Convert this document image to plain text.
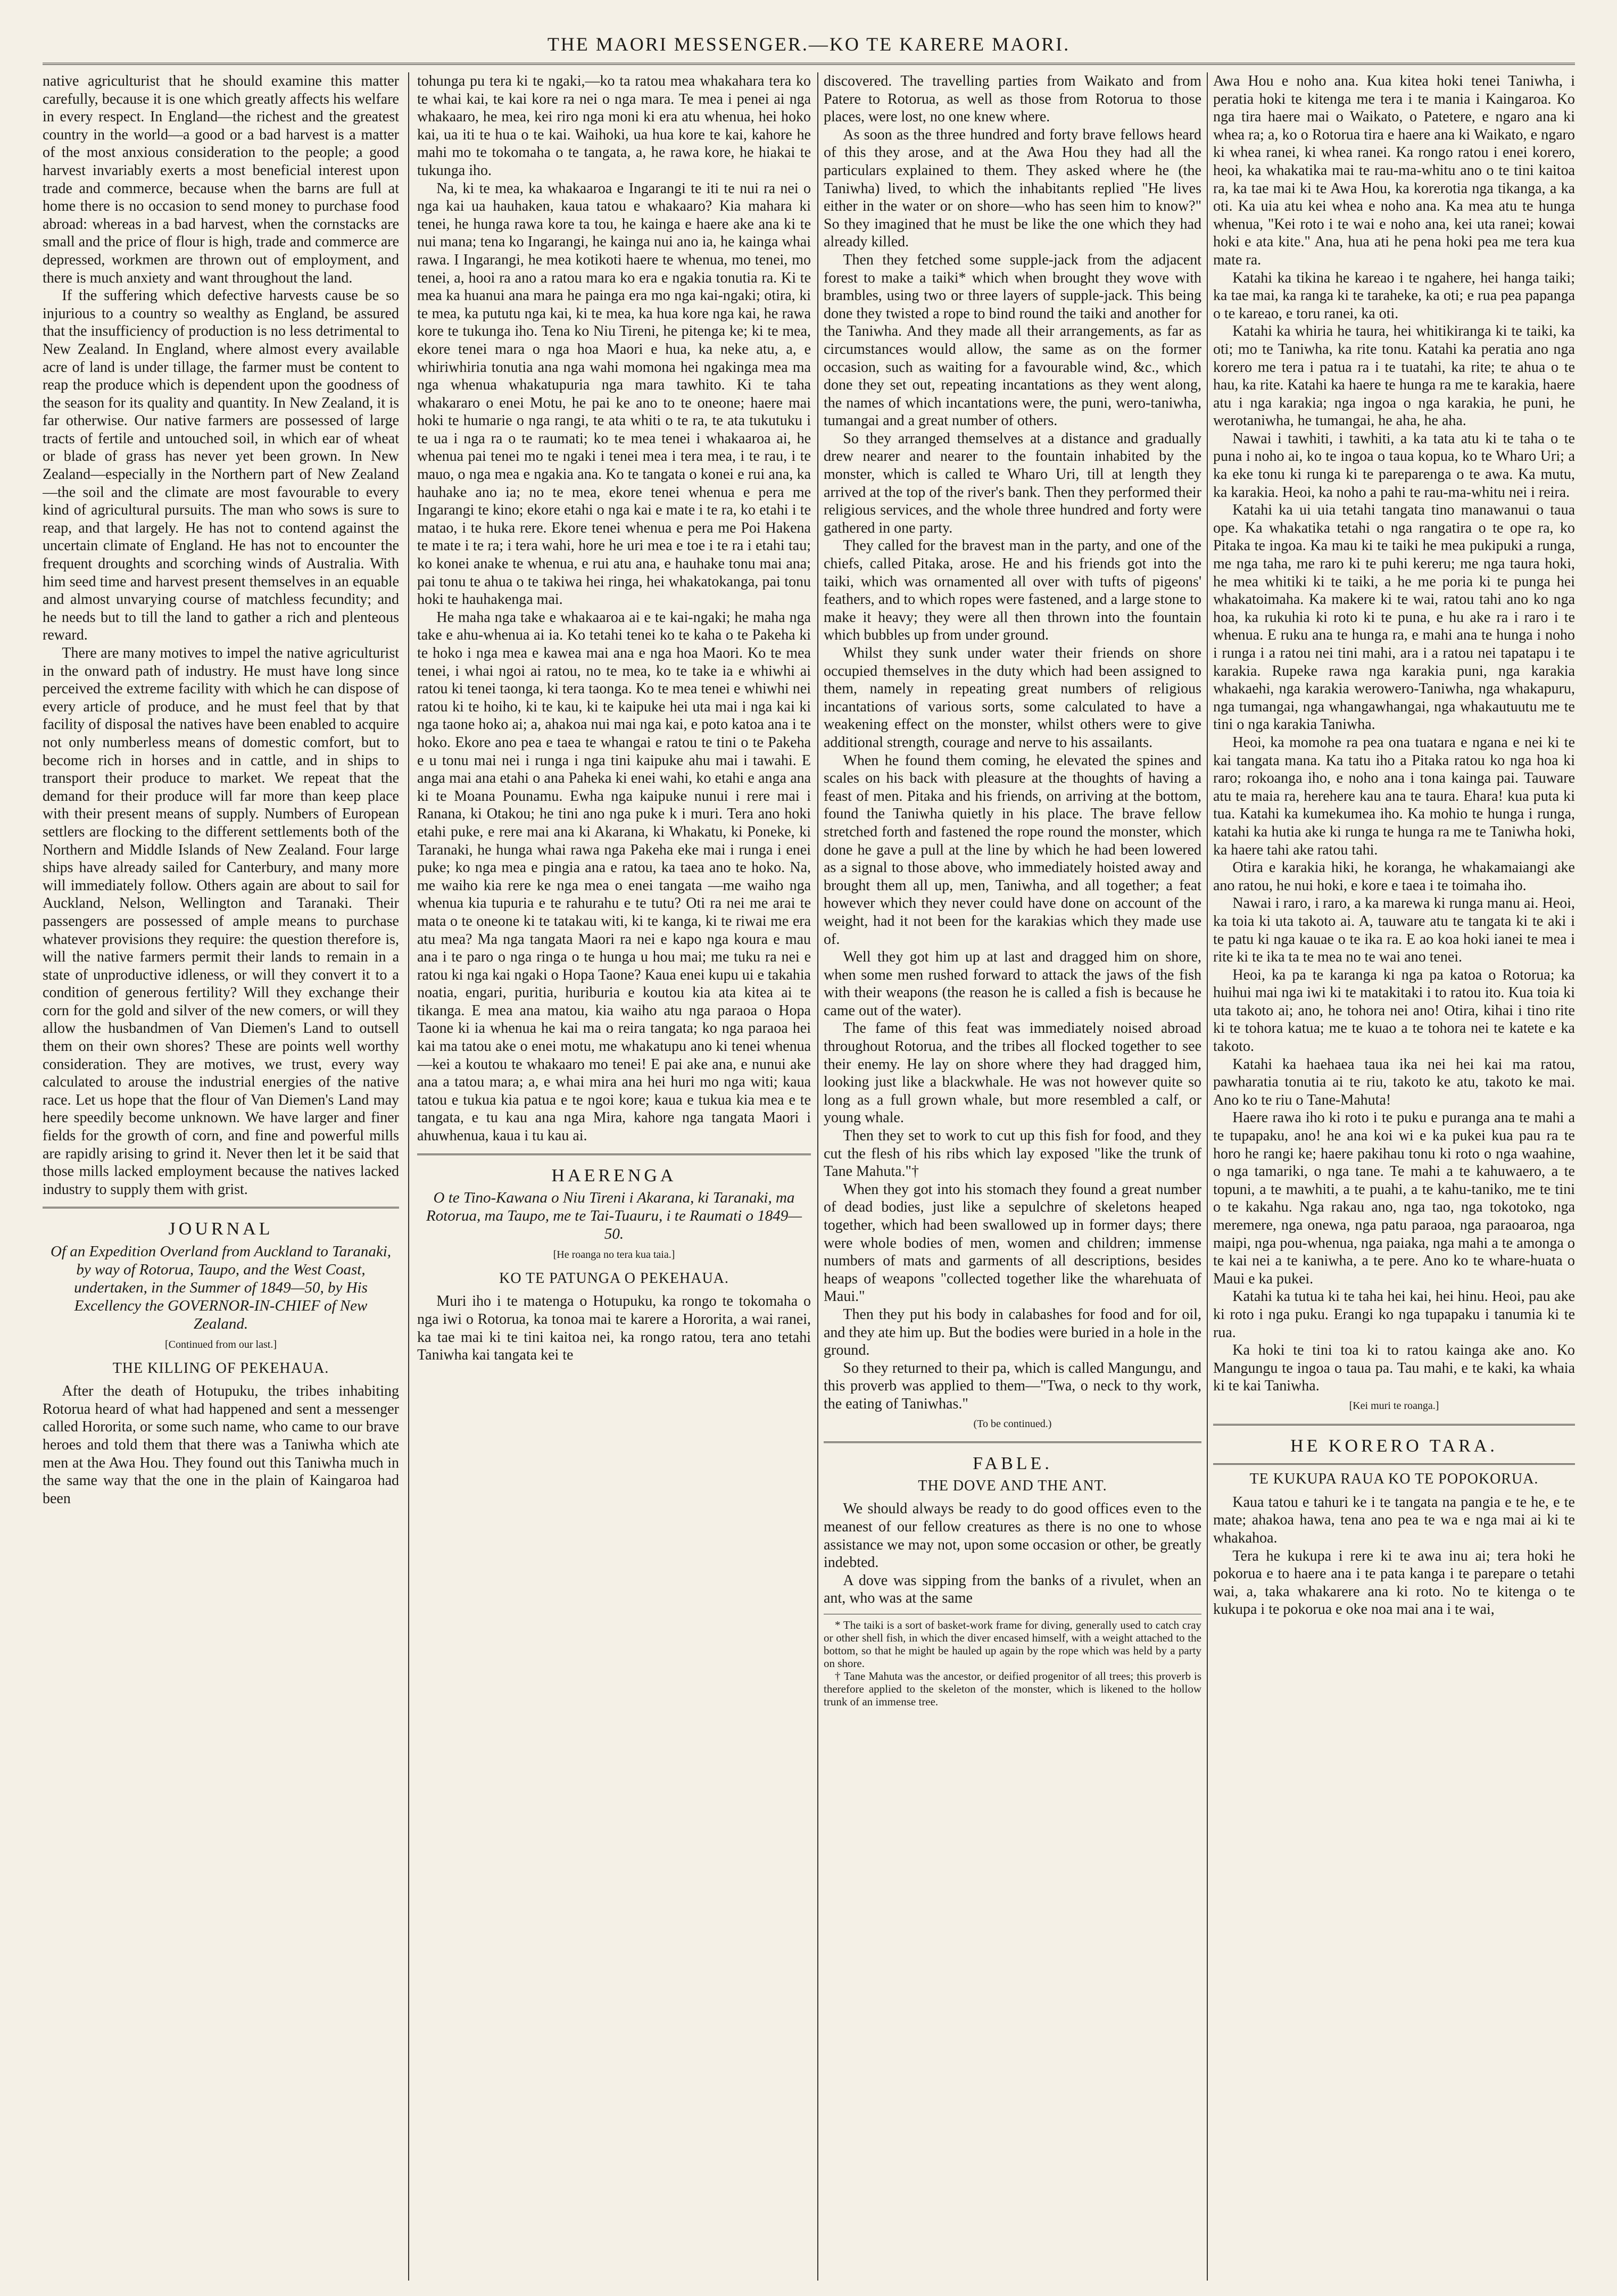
THE MAORI MESSENGER.—KO TE KARERE MAORI.

native agriculturist that he should examine this matter carefully, because it is one which greatly affects his welfare in every respect. In England—the richest and the greatest country in the world—a good or a bad harvest is a matter of the most anxious consideration to the people; a good harvest invariably exerts a most beneficial interest upon trade and commerce, because when the barns are full at home there is no occasion to send money to purchase food abroad: whereas in a bad harvest, when the cornstacks are small and the price of flour is high, trade and commerce are depressed, workmen are thrown out of employment, and there is much anxiety and want throughout the land.

If the suffering which defective harvests cause be so injurious to a country so wealthy as England, be assured that the insufficiency of production is no less detrimental to New Zealand. In England, where almost every available acre of land is under tillage, the farmer must be content to reap the produce which is dependent upon the goodness of the season for its quality and quantity. In New Zealand, it is far otherwise. Our native farmers are possessed of large tracts of fertile and untouched soil, in which ear of wheat or blade of grass has never yet been grown. In New Zealand—especially in the Northern part of New Zealand—the soil and the climate are most favourable to every kind of agricultural pursuits. The man who sows is sure to reap, and that largely. He has not to contend against the uncertain climate of England. He has not to encounter the frequent droughts and scorching winds of Australia. With him seed time and harvest present themselves in an equable and almost unvarying course of matchless fecundity; and he needs but to till the land to gather a rich and plenteous reward.

There are many motives to impel the native agriculturist in the onward path of industry. He must have long since perceived the extreme facility with which he can dispose of every article of produce, and he must feel that by that facility of disposal the natives have been enabled to acquire not only numberless means of domestic comfort, but to become rich in horses and in cattle, and in ships to transport their produce to market. We repeat that the demand for their produce will far more than keep place with their present means of supply. Numbers of European settlers are flocking to the different settlements both of the Northern and Middle Islands of New Zealand. Four large ships have already sailed for Canterbury, and many more will immediately follow. Others again are about to sail for Auckland, Nelson, Wellington and Taranaki. Their passengers are possessed of ample means to purchase whatever provisions they require: the question therefore is, will the native farmers permit their lands to remain in a state of unproductive idleness, or will they convert it to a condition of generous fertility? Will they exchange their corn for the gold and silver of the new comers, or will they allow the husbandmen of Van Diemen's Land to outsell them on their own shores? These are points well worthy consideration. They are motives, we trust, every way calculated to arouse the industrial energies of the native race. Let us hope that the flour of Van Diemen's Land may here speedily become unknown. We have larger and finer fields for the growth of corn, and fine and powerful mills are rapidly arising to grind it. Never then let it be said that those mills lacked employment because the natives lacked industry to supply them with grist.

JOURNAL
Of an Expedition Overland from Auckland to Taranaki, by way of Rotorua, Taupo, and the West Coast, undertaken, in the Summer of 1849—50, by His Excellency the GOVERNOR-IN-CHIEF of New Zealand.
[Continued from our last.]
THE KILLING OF PEKEHAUA.

After the death of Hotupuku, the tribes inhabiting Rotorua heard of what had happened and sent a messenger called Hororita, or some such name, who came to our brave heroes and told them that there was a Taniwha which ate men at the Awa Hou. They found out this Taniwha much in the same way that the one in the plain of Kaingaroa had been

tohunga pu tera ki te ngaki,—ko ta ratou mea whakahara tera ko te whai kai, te kai kore ra nei o nga mara. Te mea i penei ai nga whakaaro, he mea, kei riro nga moni ki era atu whenua, hei hoko kai, ua iti te hua o te kai. Waihoki, ua hua kore te kai, kahore he mahi mo te tokomaha o te tangata, a, he rawa kore, he hiakai te tukunga iho.

Na, ki te mea, ka whakaaroa e Ingarangi te iti te nui ra nei o nga kai ua hauhaken, kaua tatou e whakaaro? Kia mahara ki tenei, he hunga rawa kore ta tou, he kainga e haere ake ana ki te nui mana; tena ko Ingarangi, he kainga nui ano ia, he kainga whai rawa. I Ingarangi, he mea kotikoti haere te whenua, mo tenei, mo tenei, a, hooi ra ano a ratou mara ko era e ngakia tonutia ra. Ki te mea ka huanui ana mara he painga era mo nga kai-ngaki; otira, ki te mea, ka pututu nga kai, ki te mea, ka hua kore nga kai, he rawa kore te tukunga iho. Tena ko Niu Tireni, he pitenga ke; ki te mea, ekore tenei mara o nga hoa Maori e hua, ka neke atu, a, e whiriwhiria tonutia ana nga wahi momona hei ngakinga mea ma nga whenua whakatupuria nga mara tawhito. Ki te taha whakararo o enei Motu, he pai ke ano to te oneone; haere mai hoki te humarie o nga rangi, te ata whiti o te ra, te ata tukutuku i te ua i nga ra o te raumati; ko te mea tenei i whakaaroa ai, he whenua pai tenei mo te ngaki i tenei mea i tera mea, i te rau, i te mauo, o nga mea e ngakia ana. Ko te tangata o konei e rui ana, ka hauhake ano ia; no te mea, ekore tenei whenua e pera me Ingarangi te kino; ekore etahi o nga kai e mate i te ra, ko etahi i te matao, i te huka rere. Ekore tenei whenua e pera me Poi Hakena te mate i te ra; i tera wahi, hore he uri mea e toe i te ra i etahi tau; ko konei anake te whenua, e rui atu ana, e hauhake tonu mai ana; pai tonu te ahua o te takiwa hei ringa, hei whakatokanga, pai tonu hoki te hauhakenga mai.

He maha nga take e whakaaroa ai e te kai-ngaki; he maha nga take e ahu-whenua ai ia. Ko tetahi tenei ko te kaha o te Pakeha ki te hoko i nga mea e kawea mai ana e nga hoa Maori. Ko te mea tenei, i whai ngoi ai ratou, no te mea, ko te take ia e whiwhi ai ratou ki tenei taonga, ki tera taonga. Ko te mea tenei e whiwhi nei ratou ki te hoiho, ki te kau, ki te kaipuke hei uta mai i nga kai ki nga taone hoko ai; a, ahakoa nui mai nga kai, e poto katoa ana i te hoko. Ekore ano pea e taea te whangai e ratou te tini o te Pakeha e u tonu mai nei i runga i nga tini kaipuke ahu mai i tawahi. E anga mai ana etahi o ana Paheka ki enei wahi, ko etahi e anga ana ki te Moana Pounamu. Ewha nga kaipuke nunui i rere mai i Ranana, ki Otakou; he tini ano nga puke k i muri. Tera ano hoki etahi puke, e rere mai ana ki Akarana, ki Whakatu, ki Poneke, ki Taranaki, he hunga whai rawa nga Pakeha eke mai i runga i enei puke; ko nga mea e pingia ana e ratou, ka taea ano te hoko. Na, me waiho kia rere ke nga mea o enei tangata —me waiho nga whenua kia tupuria e te rahurahu e te tutu? Oti ra nei me arai te mata o te oneone ki te tatakau witi, ki te kanga, ki te riwai me era atu mea? Ma nga tangata Maori ra nei e kapo nga koura e mau ana i te paro o nga ringa o te hunga u hou mai; me tuku ra nei e ratou ki nga kai ngaki o Hopa Taone? Kaua enei kupu ui e takahia noatia, engari, puritia, huriburia e koutou kia ata kitea ai te tikanga. E mea ana matou, kia waiho atu nga paraoa o Hopa Taone ki ia whenua he kai ma o reira tangata; ko nga paraoa hei kai ma tatou ake o enei motu, me whakatupu ano ki tenei whenua—kei a koutou te whakaaro mo tenei! E pai ake ana, e nunui ake ana a tatou mara; a, e whai mira ana hei huri mo nga witi; kaua tatou e tukua kia patua e te ngoi kore; kaua e tukua kia mea e te tangata, e tu kau ana nga Mira, kahore nga tangata Maori i ahuwhenua, kaua i tu kau ai.

HAERENGA
O te Tino-Kawana o Niu Tireni i Akarana, ki Taranaki, ma Rotorua, ma Taupo, me te Tai-Tuauru, i te Raumati o 1849—50.
[He roanga no tera kua taia.]
KO TE PATUNGA O PEKEHAUA.

Muri iho i te matenga o Hotupuku, ka rongo te tokomaha o nga iwi o Rotorua, ka tonoa mai te karere a Hororita, a wai ranei, ka tae mai ki te tini kaitoa nei, ka rongo ratou, tera ano tetahi Taniwha kai tangata kei te

discovered. The travelling parties from Waikato and from Patere to Rotorua, as well as those from Rotorua to those places, were lost, no one knew where.

As soon as the three hundred and forty brave fellows heard of this they arose, and at the Awa Hou they had all the particulars explained to them. They asked where he (the Taniwha) lived, to which the inhabitants replied "He lives either in the water or on shore—who has seen him to know?" So they imagined that he must be like the one which they had already killed.

Then they fetched some supple-jack from the adjacent forest to make a taiki* which when brought they wove with brambles, using two or three layers of supple-jack. This being done they twisted a rope to bind round the taiki and another for the Taniwha. And they made all their arrangements, as far as circumstances would allow, the same as on the former occasion, such as waiting for a favourable wind, &c., which done they set out, repeating incantations as they went along, the names of which incantations were, the puni, wero-taniwha, tumangai and a great number of others.

So they arranged themselves at a distance and gradually drew nearer and nearer to the fountain inhabited by the monster, which is called te Wharo Uri, till at length they arrived at the top of the river's bank. Then they performed their religious services, and the whole three hundred and forty were gathered in one party.

They called for the bravest man in the party, and one of the chiefs, called Pitaka, arose. He and his friends got into the taiki, which was ornamented all over with tufts of pigeons' feathers, and to which ropes were fastened, and a large stone to make it heavy; they were all then thrown into the fountain which bubbles up from under ground.

Whilst they sunk under water their friends on shore occupied themselves in the duty which had been assigned to them, namely in repeating great numbers of religious incantations of various sorts, some calculated to have a weakening effect on the monster, whilst others were to give additional strength, courage and nerve to his assailants.

When he found them coming, he elevated the spines and scales on his back with pleasure at the thoughts of having a feast of men. Pitaka and his friends, on arriving at the bottom, found the Taniwha quietly in his place. The brave fellow stretched forth and fastened the rope round the monster, which done he gave a pull at the line by which he had been lowered as a signal to those above, who immediately hoisted away and brought them all up, men, Taniwha, and all together; a feat however which they never could have done on account of the weight, had it not been for the karakias which they made use of.

Well they got him up at last and dragged him on shore, when some men rushed forward to attack the jaws of the fish with their weapons (the reason he is called a fish is because he came out of the water).

The fame of this feat was immediately noised abroad throughout Rotorua, and the tribes all flocked together to see their enemy. He lay on shore where they had dragged him, looking just like a blackwhale. He was not however quite so long as a full grown whale, but more resembled a calf, or young whale.

Then they set to work to cut up this fish for food, and they cut the flesh of his ribs which lay exposed "like the trunk of Tane Mahuta."†

When they got into his stomach they found a great number of dead bodies, just like a sepulchre of skeletons heaped together, which had been swallowed up in former days; there were whole bodies of men, women and children; immense numbers of mats and garments of all descriptions, besides heaps of weapons "collected together like the wharehuata of Maui."

Then they put his body in calabashes for food and for oil, and they ate him up. But the bodies were buried in a hole in the ground.

So they returned to their pa, which is called Mangungu, and this proverb was applied to them—"Twa, o neck to thy work, the eating of Taniwhas."

(To be continued.)
FABLE.
THE DOVE AND THE ANT.

We should always be ready to do good offices even to the meanest of our fellow creatures as there is no one to whose assistance we may not, upon some occasion or other, be greatly indebted.

A dove was sipping from the banks of a rivulet, when an ant, who was at the same

* The taiki is a sort of basket-work frame for diving, generally used to catch cray or other shell fish, in which the diver encased himself, with a weight attached to the bottom, so that he might be hauled up again by the rope which was held by a party on shore.

† Tane Mahuta was the ancestor, or deified progenitor of all trees; this proverb is therefore applied to the skeleton of the monster, which is likened to the hollow trunk of an immense tree.

Awa Hou e noho ana. Kua kitea hoki tenei Taniwha, i peratia hoki te kitenga me tera i te mania i Kaingaroa. Ko nga tira haere mai o Waikato, o Patetere, e ngaro ana ki whea ra; a, ko o Rotorua tira e haere ana ki Waikato, e ngaro ki whea ranei, ki whea ranei. Ka rongo ratou i enei korero, heoi, ka whakatika mai te rau-ma-whitu ano o te tini kaitoa ra, ka tae mai ki te Awa Hou, ka korerotia nga tikanga, a ka oti. Ka uia atu kei whea e noho ana. Ka mea atu te hunga whenua, "Kei roto i te wai e noho ana, kei uta ranei; kowai hoki e ata kite." Ana, hua ati he pena hoki pea me tera kua mate ra.

Katahi ka tikina he kareao i te ngahere, hei hanga taiki; ka tae mai, ka ranga ki te taraheke, ka oti; e rua pea papanga o te kareao, e toru ranei, ka oti.

Katahi ka whiria he taura, hei whitikiranga ki te taiki, ka oti; mo te Taniwha, ka rite tonu. Katahi ka peratia ano nga korero me tera i patua ra i te tuatahi, ka rite; te ahua o te hau, ka rite. Katahi ka haere te hunga ra me te karakia, haere atu i nga karakia; nga ingoa o nga karakia, he puni, he werotaniwha, he tumangai, he aha, he aha.

Nawai i tawhiti, i tawhiti, a ka tata atu ki te taha o te puna i noho ai, ko te ingoa o taua kopua, ko te Wharo Uri; a ka eke tonu ki runga ki te pareparenga o te awa. Ka mutu, ka karakia. Heoi, ka noho a pahi te rau-ma-whitu nei i reira.

Katahi ka ui uia tetahi tangata tino manawanui o taua ope. Ka whakatika tetahi o nga rangatira o te ope ra, ko Pitaka te ingoa. Ka mau ki te taiki he mea pukipuki a runga, me nga taha, me raro ki te puhi kereru; me nga taura hoki, he mea whitiki ki te taiki, a he me poria ki te punga hei whakatoimaha. Ka makere ki te wai, ratou tahi ano ko nga hoa, ka rukuhia ki roto ki te puna, e hu ake ra i raro i te whenua. E ruku ana te hunga ra, e mahi ana te hunga i noho i runga i a ratou nei tini mahi, ara i a ratou nei tapatapu i te karakia. Rupeke rawa nga karakia puni, nga karakia whakaehi, nga karakia werowero-Taniwha, nga whakapuru, nga tumangai, nga whangawhangai, nga whakautuutu me te tini o nga karakia Taniwha.

Heoi, ka momohe ra pea ona tuatara e ngana e nei ki te kai tangata mana. Ka tatu iho a Pitaka ratou ko nga hoa ki raro; rokoanga iho, e noho ana i tona kainga pai. Tauware atu te maia ra, herehere kau ana te taura. Ehara! kua puta ki tua. Katahi ka kumekumea iho. Ka mohio te hunga i runga, katahi ka hutia ake ki runga te hunga ra me te Taniwha hoki, ka haere tahi ake ratou tahi.

Otira e karakia hiki, he koranga, he whakamaiangi ake ano ratou, he nui hoki, e kore e taea i te toimaha iho.

Nawai i raro, i raro, a ka marewa ki runga manu ai. Heoi, ka toia ki uta takoto ai. A, tauware atu te tangata ki te aki i te patu ki nga kauae o te ika ra. E ao koa hoki ianei te mea i rite ki te ika ta te mea no te wai ano tenei.

Heoi, ka pa te karanga ki nga pa katoa o Rotorua; ka huihui mai nga iwi ki te matakitaki i to ratou ito. Kua toia ki uta takoto ai; ano, he tohora nei ano! Otira, kihai i tino rite ki te tohora katua; me te kuao a te tohora nei te katete e ka takoto.

Katahi ka haehaea taua ika nei hei kai ma ratou, pawharatia tonutia ai te riu, takoto ke atu, takoto ke mai. Ano ko te riu o Tane-Mahuta!

Haere rawa iho ki roto i te puku e puranga ana te mahi a te tupapaku, ano! he ana koi wi e ka pukei kua pau ra te horo he rangi ke; haere pakihau tonu ki roto o nga waahine, o nga tamariki, o nga tane. Te mahi a te kahuwaero, a te topuni, a te mawhiti, a te puahi, a te kahu-taniko, me te tini o te kakahu. Nga rakau ano, nga tao, nga tokotoko, nga meremere, nga onewa, nga patu paraoa, nga paraoaroa, nga maipi, nga pou-whenua, nga paiaka, nga mahi a te amonga o te kai nei a te kaniwha, a te pere. Ano ko te whare-huata o Maui e ka pukei.

Katahi ka tutua ki te taha hei kai, hei hinu. Heoi, pau ake ki roto i nga puku. Erangi ko nga tupapaku i tanumia ki te rua.

Ka hoki te tini toa ki to ratou kainga ake ano. Ko Mangungu te ingoa o taua pa. Tau mahi, e te kaki, ka whaia ki te kai Taniwha.

[Kei muri te roanga.]
HE KORERO TARA.
TE KUKUPA RAUA KO TE POPOKORUA.

Kaua tatou e tahuri ke i te tangata na pangia e te he, e te mate; ahakoa hawa, tena ano pea te wa e nga mai ai ki te whakahoa.

Tera he kukupa i rere ki te awa inu ai; tera hoki he pokorua e to haere ana i te pata kanga i te parepare o tetahi wai, a, taka whakarere ana ki roto. No te kitenga o te kukupa i te pokorua e oke noa mai ana i te wai,
